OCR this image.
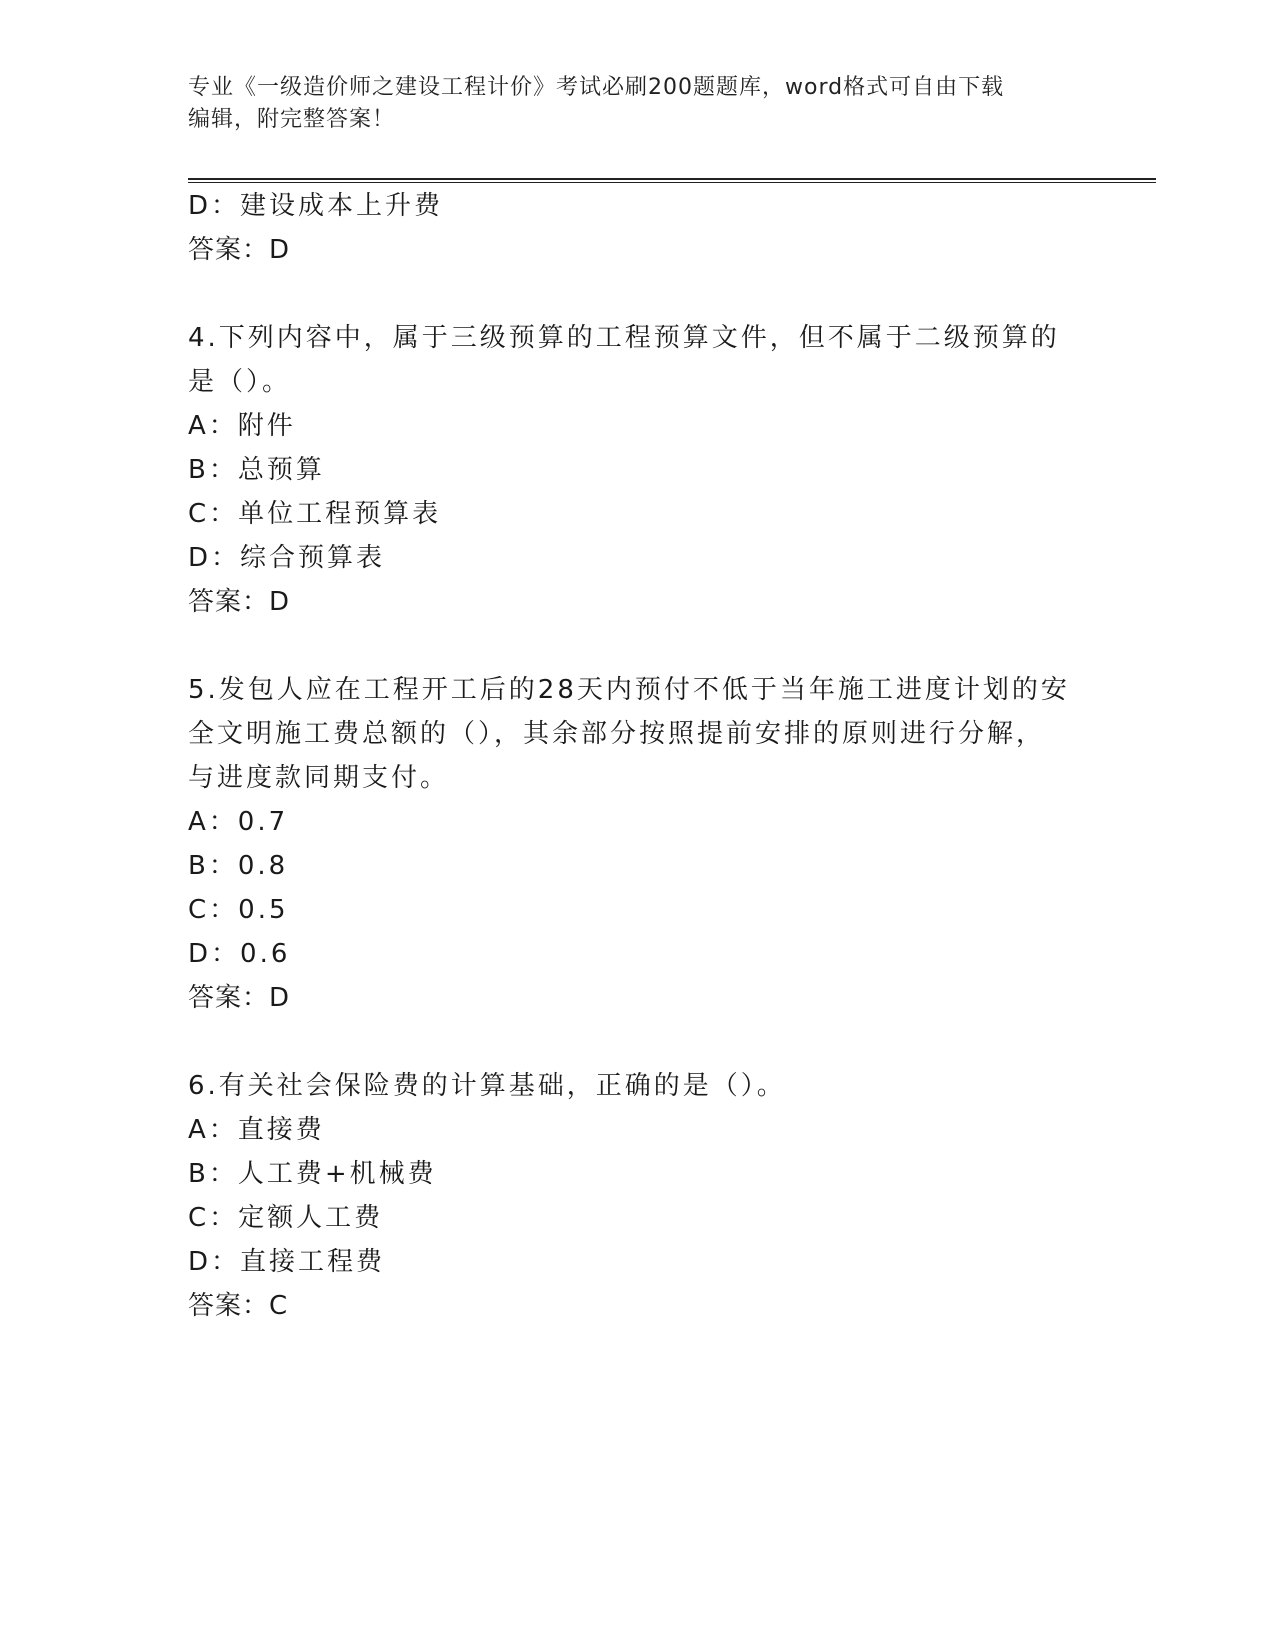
专业《一级造价师之建设工程计价》考试必刷200题题库，word格式可自由下载
编辑，附完整答案！
D：建设成本上升费
答案：D
4.下列内容中，属于三级预算的工程预算文件，但不属于二级预算的
是（）。
A：附件
B：总预算
C：单位工程预算表
D：综合预算表
答案：D
5.发包人应在工程开工后的28天内预付不低于当年施工进度计划的安
全文明施工费总额的（），其余部分按照提前安排的原则进行分解，
与进度款同期支付。
A：0.7
B：0.8
C：0.5
D：0.6
答案：D
6.有关社会保险费的计算基础，正确的是（）。
A：直接费
B：人工费+机械费
C：定额人工费
D：直接工程费
答案：C
